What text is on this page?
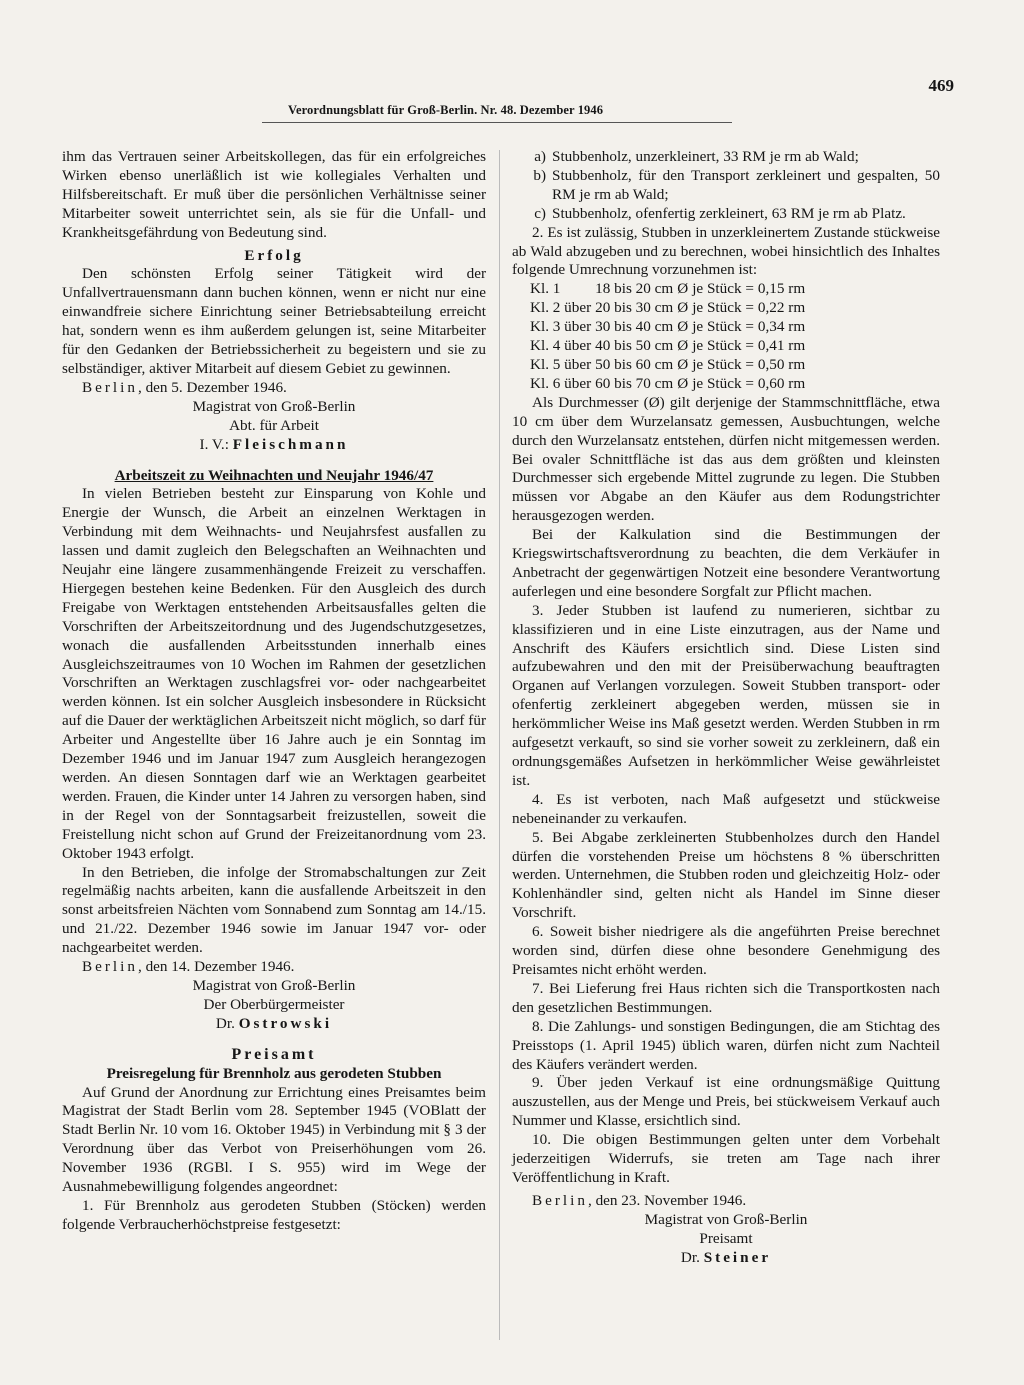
Verordnungsblatt für Groß-Berlin. Nr. 48. Dezember 1946
469

ihm das Vertrauen seiner Arbeitskollegen, das für ein erfolgreiches Wirken ebenso unerläßlich ist wie kollegiales Verhalten und Hilfsbereitschaft. Er muß über die persönlichen Verhältnisse seiner Mitarbeiter soweit unterrichtet sein, als sie für die Unfall- und Krankheitsgefährdung von Bedeutung sind.

Erfolg

Den schönsten Erfolg seiner Tätigkeit wird der Unfallvertrauensmann dann buchen können, wenn er nicht nur eine einwandfreie sichere Einrichtung seiner Betriebsabteilung erreicht hat, sondern wenn es ihm außerdem gelungen ist, seine Mitarbeiter für den Gedanken der Betriebssicherheit zu begeistern und sie zu selbständiger, aktiver Mitarbeit auf diesem Gebiet zu gewinnen.

Berlin, den 5. Dezember 1946.

Magistrat von Groß-Berlin

Abt. für Arbeit

I. V.: Fleischmann

Arbeitszeit zu Weihnachten und Neujahr 1946/47

In vielen Betrieben besteht zur Einsparung von Kohle und Energie der Wunsch, die Arbeit an einzelnen Werktagen in Verbindung mit dem Weihnachts- und Neujahrsfest ausfallen zu lassen und damit zugleich den Belegschaften an Weihnachten und Neujahr eine längere zusammenhängende Freizeit zu verschaffen. Hiergegen bestehen keine Bedenken. Für den Ausgleich des durch Freigabe von Werktagen entstehenden Arbeitsausfalles gelten die Vorschriften der Arbeitszeitordnung und des Jugendschutzgesetzes, wonach die ausfallenden Arbeitsstunden innerhalb eines Ausgleichszeitraumes von 10 Wochen im Rahmen der gesetzlichen Vorschriften an Werktagen zuschlagsfrei vor- oder nachgearbeitet werden können. Ist ein solcher Ausgleich insbesondere in Rücksicht auf die Dauer der werktäglichen Arbeitszeit nicht möglich, so darf für Arbeiter und Angestellte über 16 Jahre auch je ein Sonntag im Dezember 1946 und im Januar 1947 zum Ausgleich herangezogen werden. An diesen Sonntagen darf wie an Werktagen gearbeitet werden. Frauen, die Kinder unter 14 Jahren zu versorgen haben, sind in der Regel von der Sonntagsarbeit freizustellen, soweit die Freistellung nicht schon auf Grund der Freizeitanordnung vom 23. Oktober 1943 erfolgt.

In den Betrieben, die infolge der Stromabschaltungen zur Zeit regelmäßig nachts arbeiten, kann die ausfallende Arbeitszeit in den sonst arbeitsfreien Nächten vom Sonnabend zum Sonntag am 14./15. und 21./22. Dezember 1946 sowie im Januar 1947 vor- oder nachgearbeitet werden.

Berlin, den 14. Dezember 1946.

Magistrat von Groß-Berlin

Der Oberbürgermeister

Dr. Ostrowski

Preisamt

Preisregelung für Brennholz aus gerodeten Stubben

Auf Grund der Anordnung zur Errichtung eines Preisamtes beim Magistrat der Stadt Berlin vom 28. September 1945 (VOBlatt der Stadt Berlin Nr. 10 vom 16. Oktober 1945) in Verbindung mit § 3 der Verordnung über das Verbot von Preiserhöhungen vom 26. November 1936 (RGBl. I S. 955) wird im Wege der Ausnahmebewilligung folgendes angeordnet:

1. Für Brennholz aus gerodeten Stubben (Stöcken) werden folgende Verbraucherhöchstpreise festgesetzt:

a) Stubbenholz, unzerkleinert, 33 RM je rm ab Wald;
b) Stubbenholz, für den Transport zerkleinert und gespalten, 50 RM je rm ab Wald;
c) Stubbenholz, ofenfertig zerkleinert, 63 RM je rm ab Platz.

2. Es ist zulässig, Stubben in unzerkleinertem Zustande stückweise ab Wald abzugeben und zu berechnen, wobei hinsichtlich des Inhaltes folgende Umrechnung vorzunehmen ist:

Kl. 1	18 bis 20 cm	Ø	je Stück =	0,15 rm
Kl. 2 über	20 bis 30 cm	Ø	je Stück =	0,22 rm
Kl. 3 über	30 bis 40 cm	Ø	je Stück =	0,34 rm
Kl. 4 über	40 bis 50 cm	Ø	je Stück =	0,41 rm
Kl. 5 über	50 bis 60 cm	Ø	je Stück =	0,50 rm
Kl. 6 über	60 bis 70 cm	Ø	je Stück =	0,60 rm

Als Durchmesser (Ø) gilt derjenige der Stammschnittfläche, etwa 10 cm über dem Wurzelansatz gemessen, Ausbuchtungen, welche durch den Wurzelansatz entstehen, dürfen nicht mitgemessen werden. Bei ovaler Schnittfläche ist das aus dem größten und kleinsten Durchmesser sich ergebende Mittel zugrunde zu legen. Die Stubben müssen vor Abgabe an den Käufer aus dem Rodungstrichter herausgezogen werden.

Bei der Kalkulation sind die Bestimmungen der Kriegswirtschaftsverordnung zu beachten, die dem Verkäufer in Anbetracht der gegenwärtigen Notzeit eine besondere Verantwortung auferlegen und eine besondere Sorgfalt zur Pflicht machen.

3. Jeder Stubben ist laufend zu numerieren, sichtbar zu klassifizieren und in eine Liste einzutragen, aus der Name und Anschrift des Käufers ersichtlich sind. Diese Listen sind aufzubewahren und den mit der Preisüberwachung beauftragten Organen auf Verlangen vorzulegen. Soweit Stubben transport- oder ofenfertig zerkleinert abgegeben werden, müssen sie in herkömmlicher Weise ins Maß gesetzt werden. Werden Stubben in rm aufgesetzt verkauft, so sind sie vorher soweit zu zerkleinern, daß ein ordnungsgemäßes Aufsetzen in herkömmlicher Weise gewährleistet ist.

4. Es ist verboten, nach Maß aufgesetzt und stückweise nebeneinander zu verkaufen.

5. Bei Abgabe zerkleinerten Stubbenholzes durch den Handel dürfen die vorstehenden Preise um höchstens 8 % überschritten werden. Unternehmen, die Stubben roden und gleichzeitig Holz- oder Kohlenhändler sind, gelten nicht als Handel im Sinne dieser Vorschrift.

6. Soweit bisher niedrigere als die angeführten Preise berechnet worden sind, dürfen diese ohne besondere Genehmigung des Preisamtes nicht erhöht werden.

7. Bei Lieferung frei Haus richten sich die Transportkosten nach den gesetzlichen Bestimmungen.

8. Die Zahlungs- und sonstigen Bedingungen, die am Stichtag des Preisstops (1. April 1945) üblich waren, dürfen nicht zum Nachteil des Käufers verändert werden.

9. Über jeden Verkauf ist eine ordnungsmäßige Quittung auszustellen, aus der Menge und Preis, bei stückweisem Verkauf auch Nummer und Klasse, ersichtlich sind.

10. Die obigen Bestimmungen gelten unter dem Vorbehalt jederzeitigen Widerrufs, sie treten am Tage nach ihrer Veröffentlichung in Kraft.

Berlin, den 23. November 1946.

Magistrat von Groß-Berlin

Preisamt

Dr. Steiner
